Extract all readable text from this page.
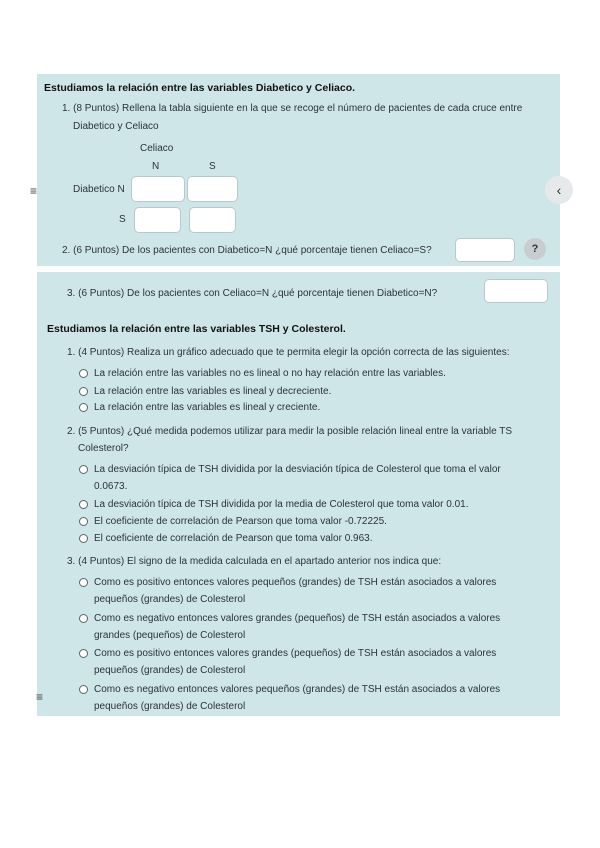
Estudiamos la relación entre las variables Diabetico y Celiaco.
1. (8 Puntos) Rellena la tabla siguiente en la que se recoge el número de pacientes de cada cruce entre
Diabetico y Celiaco
Celiaco
N	S
Diabetico N
S
2. (6 Puntos) De los pacientes con Diabetico=N ¿qué porcentaje tienen Celiaco=S?	?
≡	‹
3. (6 Puntos) De los pacientes con Celiaco=N ¿qué porcentaje tienen Diabetico=N?
Estudiamos la relación entre las variables TSH y Colesterol.
1. (4 Puntos) Realiza un gráfico adecuado que te permita elegir la opción correcta de las siguientes:
La relación entre las variables no es lineal o no hay relación entre las variables.
La relación entre las variables es lineal y decreciente.
La relación entre las variables es lineal y creciente.
2. (5 Puntos) ¿Qué medida podemos utilizar para medir la posible relación lineal entre la variable TS
Colesterol?
La desviación típica de TSH dividida por la desviación típica de Colesterol que toma el valor
0.0673.
La desviación típica de TSH dividida por la media de Colesterol que toma valor 0.01.
El coeficiente de correlación de Pearson que toma valor -0.72225.
El coeficiente de correlación de Pearson que toma valor 0.963.
3. (4 Puntos) El signo de la medida calculada en el apartado anterior nos indica que:
Como es positivo entonces valores pequeños (grandes) de TSH están asociados a valores
pequeños (grandes) de Colesterol
Como es negativo entonces valores grandes (pequeños) de TSH están asociados a valores
grandes (pequeños) de Colesterol
Como es positivo entonces valores grandes (pequeños) de TSH están asociados a valores
pequeños (grandes) de Colesterol
Como es negativo entonces valores pequeños (grandes) de TSH están asociados a valores
pequeños (grandes) de Colesterol
≡
